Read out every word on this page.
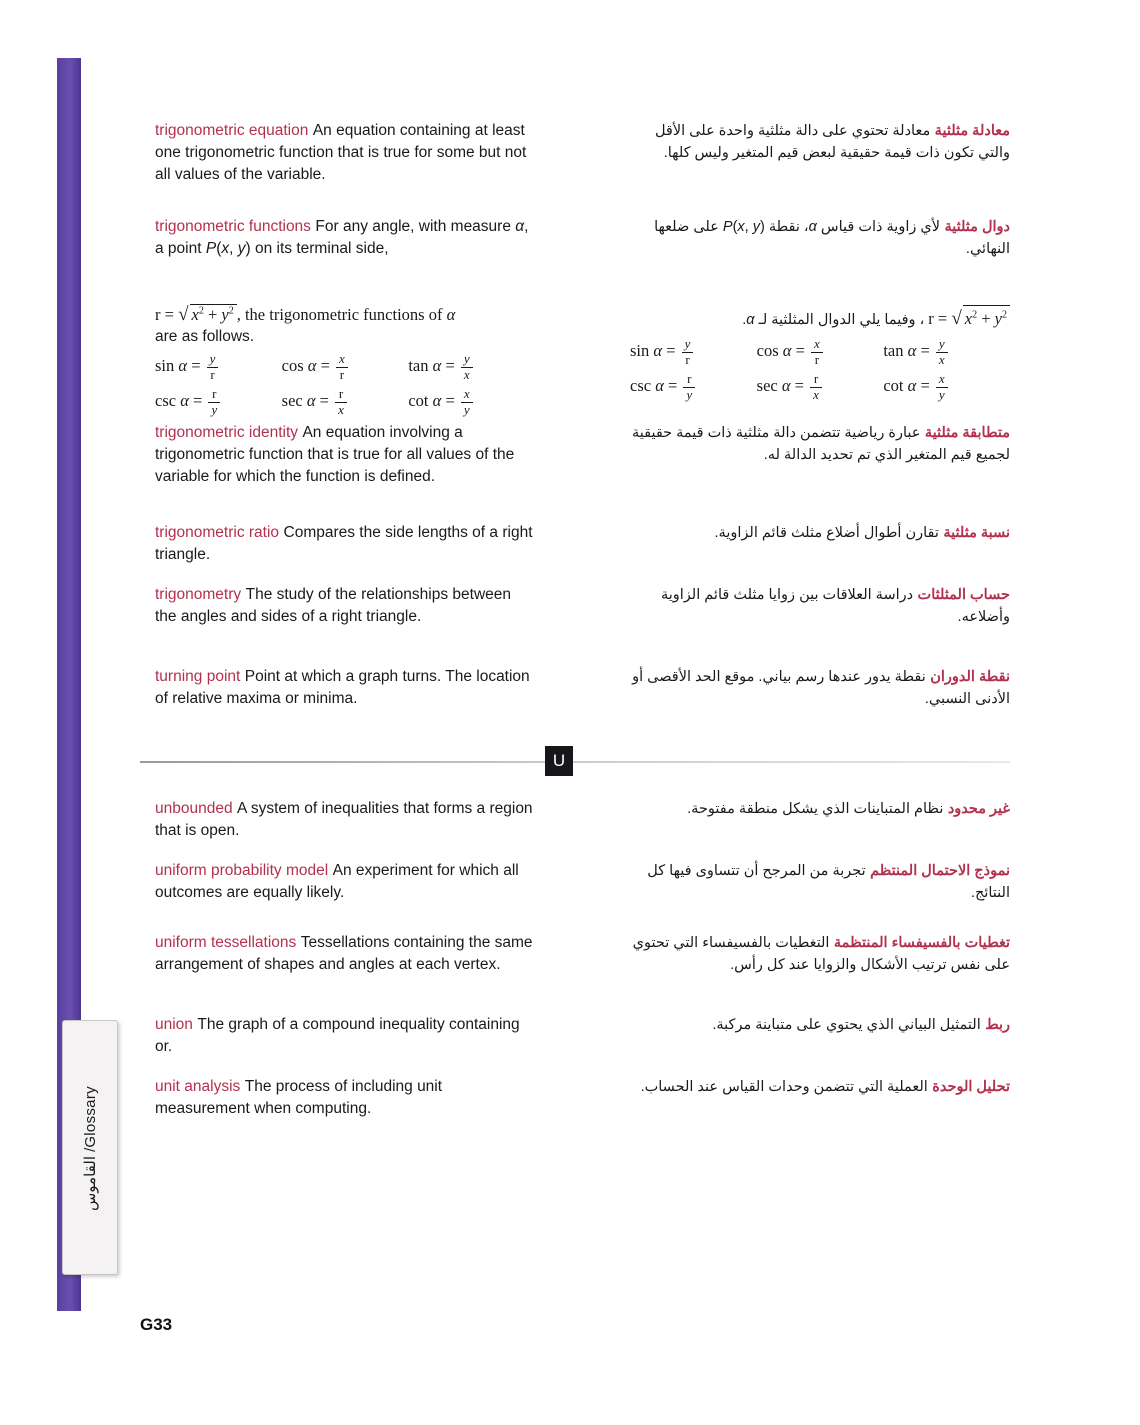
القاموس /Glossary
trigonometric equation An equation containing at least one trigonometric function that is true for some but not all values of the variable.
معادلة مثلثية معادلة تحتوي على دالة مثلثية واحدة على الأقل والتي تكون ذات قيمة حقيقية لبعض قيم المتغير وليس كلها.
trigonometric functions For any angle, with measure α, a point P(x, y) on its terminal side,
دوال مثلثية لأي زاوية ذات قياس α، نقطة P(x, y) على ضلعها النهائي.
r = √ $x^2 + y^2$ , the trigonometric functions of α
are as follows.
$\sin \alpha = \frac{y}{r}$	$\cos \alpha = \frac{x}{r}$	$\tan \alpha = \frac{y}{x}$
$\csc \alpha = \frac{r}{y}$	$\sec \alpha = \frac{r}{x}$	$\cot \alpha = \frac{x}{y}$
r = √ $x^2 + y^2$ ، وفيما يلي الدوال المثلثية لـ α.
$\sin \alpha = \frac{y}{r}$	$\cos \alpha = \frac{x}{r}$	$\tan \alpha = \frac{y}{x}$
$\csc \alpha = \frac{r}{y}$	$\sec \alpha = \frac{r}{x}$	$\cot \alpha = \frac{x}{y}$
trigonometric identity An equation involving a trigonometric function that is true for all values of the variable for which the function is defined.
متطابقة مثلثية عبارة رياضية تتضمن دالة مثلثية ذات قيمة حقيقية لجميع قيم المتغير الذي تم تحديد الدالة له.
trigonometric ratio Compares the side lengths of a right triangle.
نسبة مثلثية تقارن أطوال أضلاع مثلث قائم الزاوية.
trigonometry The study of the relationships between the angles and sides of a right triangle.
حساب المثلثات دراسة العلاقات بين زوايا مثلث قائم الزاوية وأضلاعه.
turning point Point at which a graph turns. The location of relative maxima or minima.
نقطة الدوران نقطة يدور عندها رسم بياني. موقع الحد الأقصى أو الأدنى النسبي.
U
unbounded A system of inequalities that forms a region that is open.
غير محدود نظام المتباينات الذي يشكل منطقة مفتوحة.
uniform probability model An experiment for which all outcomes are equally likely.
نموذج الاحتمال المنتظم تجربة من المرجح أن تتساوى فيها كل النتائج.
uniform tessellations Tessellations containing the same arrangement of shapes and angles at each vertex.
تغطيات بالفسيفساء المنتظمة التغطيات بالفسيفساء التي تحتوي على نفس ترتيب الأشكال والزوايا عند كل رأس.
union The graph of a compound inequality containing or.
ربط التمثيل البياني الذي يحتوي على متباينة مركبة.
unit analysis The process of including unit measurement when computing.
تحليل الوحدة العملية التي تتضمن وحدات القياس عند الحساب.
G33
